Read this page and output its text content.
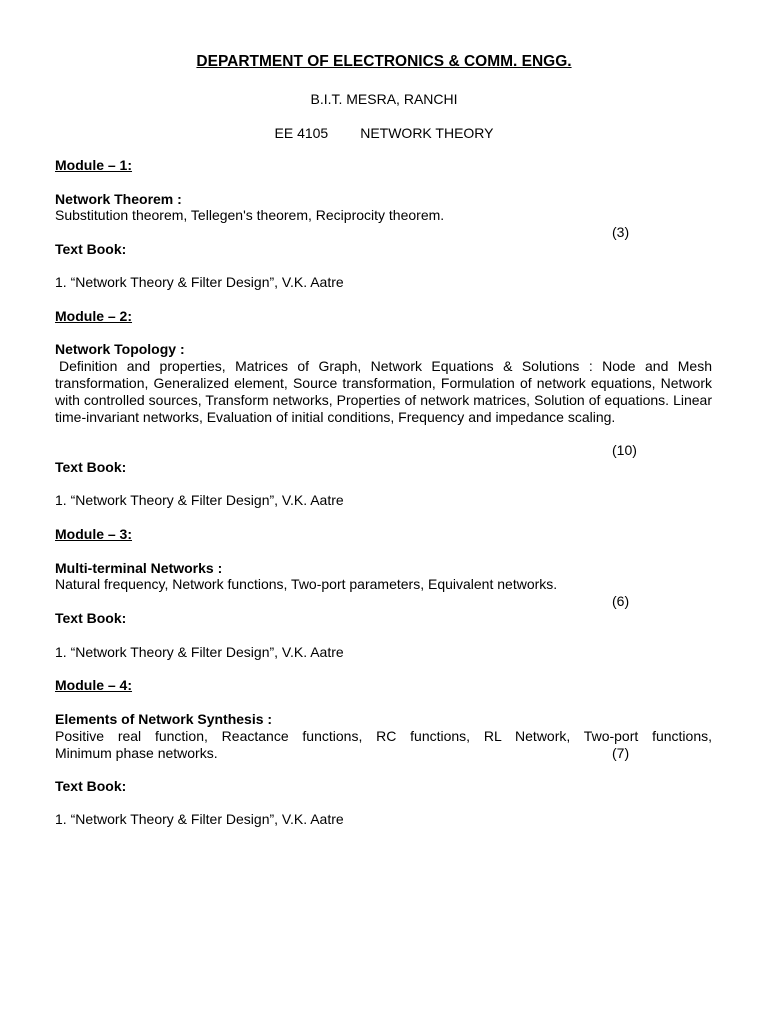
DEPARTMENT OF ELECTRONICS & COMM. ENGG.
B.I.T. MESRA, RANCHI
EE 4105 NETWORK THEORY
Module – 1:
Network Theorem :
Substitution theorem, Tellegen's theorem, Reciprocity theorem.
(3)
Text Book:
1. “Network Theory & Filter Design”, V.K. Aatre
Module – 2:
Network Topology :
Definition and properties, Matrices of Graph, Network Equations & Solutions : Node and Mesh transformation, Generalized element, Source transformation, Formulation of network equations, Network with controlled sources, Transform networks, Properties of network matrices, Solution of equations. Linear time-invariant networks, Evaluation of initial conditions, Frequency and impedance scaling.
(10)
Text Book:
1. “Network Theory & Filter Design”, V.K. Aatre
Module – 3:
Multi-terminal Networks :
Natural frequency, Network functions, Two-port parameters, Equivalent networks.
(6)
Text Book:
1. “Network Theory & Filter Design”, V.K. Aatre
Module – 4:
Elements of Network Synthesis :
Positive real function, Reactance functions, RC functions, RL Network, Two-port functions,
Minimum phase networks.	(7)
Text Book:
1. “Network Theory & Filter Design”, V.K. Aatre
